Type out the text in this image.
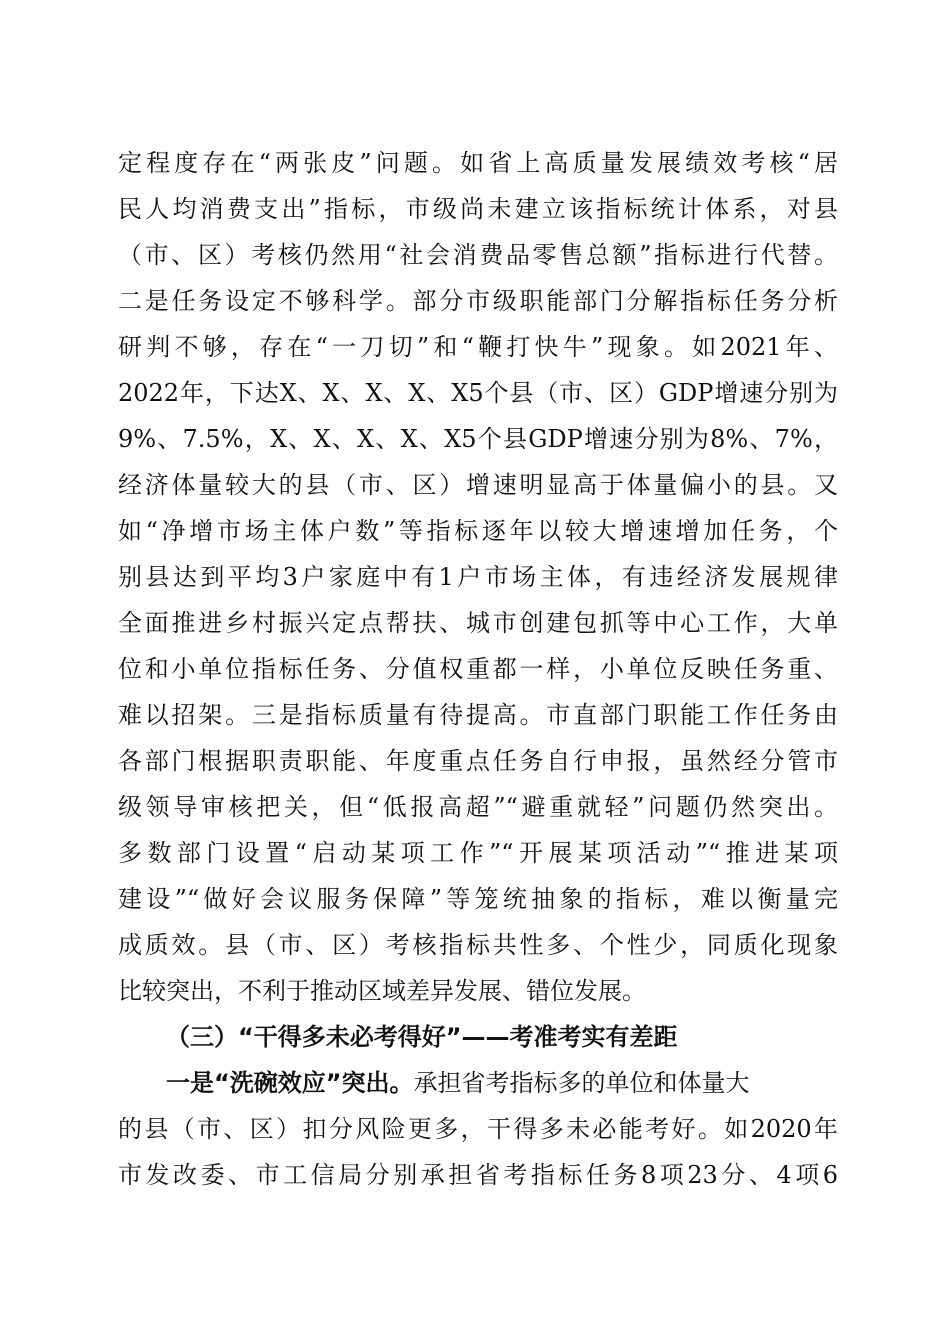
定程度存在“两张皮”问题。如省上高质量发展绩效考核“居
民人均消费支出”指标，市级尚未建立该指标统计体系，对县
（市、区）考核仍然用“社会消费品零售总额”指标进行代替。
二是任务设定不够科学。部分市级职能部门分解指标任务分析
研判不够，存在“一刀切”和“鞭打快牛”现象。如2021年、
2022年，下达X、X、X、X、X5个县（市、区）GDP增速分别为
9%、7.5%，X、X、X、X、X5个县GDP增速分别为8%、7%，
经济体量较大的县（市、区）增速明显高于体量偏小的县。又
如“净增市场主体户数”等指标逐年以较大增速增加任务，个
别县达到平均3户家庭中有1户市场主体，有违经济发展规律
全面推进乡村振兴定点帮扶、城市创建包抓等中心工作，大单
位和小单位指标任务、分值权重都一样，小单位反映任务重、
难以招架。三是指标质量有待提高。市直部门职能工作任务由
各部门根据职责职能、年度重点任务自行申报，虽然经分管市
级领导审核把关，但“低报高超”“避重就轻”问题仍然突出。
多数部门设置“启动某项工作”“开展某项活动”“推进某项
建设”“做好会议服务保障”等笼统抽象的指标，难以衡量完
成质效。县（市、区）考核指标共性多、个性少，同质化现象
比较突出，不利于推动区域差异发展、错位发展。
（三）“干得多未必考得好”——考准考实有差距
一是“洗碗效应”突出。承担省考指标多的单位和体量大
的县（市、区）扣分风险更多，干得多未必能考好。如2020年
市发改委、市工信局分别承担省考指标任务8项23分、4项6
